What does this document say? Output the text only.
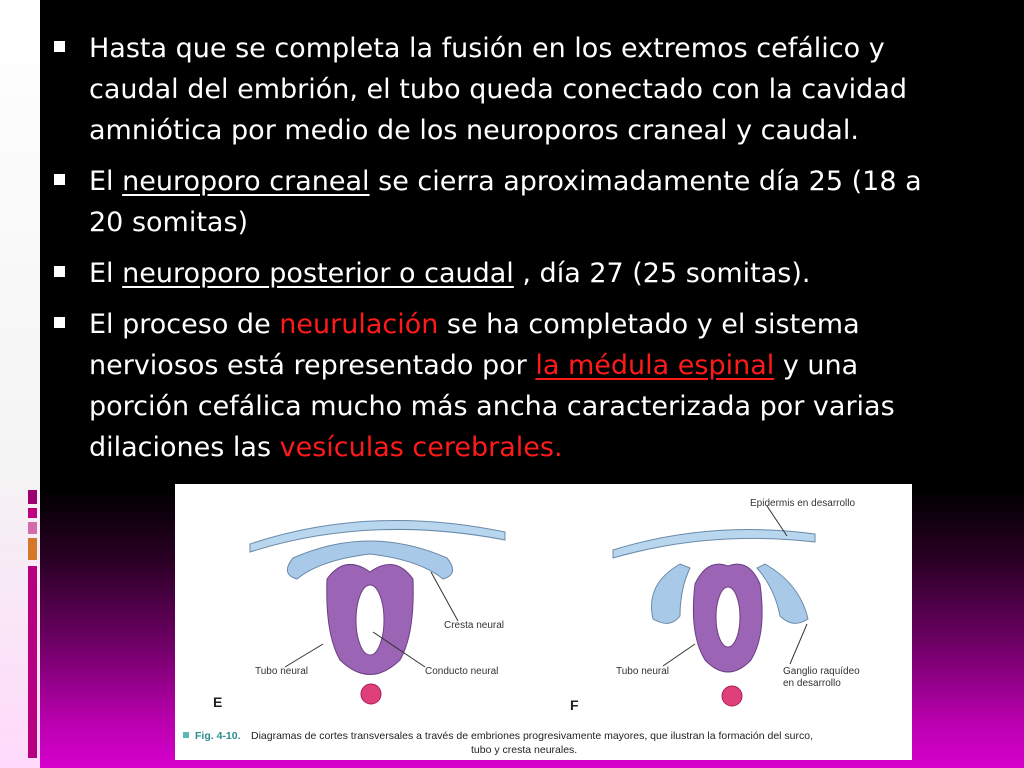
Hasta que se completa la fusión en los extremos cefálico y caudal del embrión, el tubo queda conectado con la cavidad amniótica por medio de los neuroporos craneal y caudal.
El neuroporo craneal se cierra aproximadamente día 25 (18 a 20 somitas)
El neuroporo posterior o caudal , día 27 (25 somitas).
El proceso de neurulación se ha completado y el sistema nerviosos está representado por la médula espinal y una porción cefálica mucho más ancha caracterizada por varias dilaciones las vesículas cerebrales.
Cresta neural
Tubo neural	Conducto neural
E
Epidermis en desarrollo
Tubo neural	Ganglio raquídeo
en desarrollo
F
Fig. 4-10. Diagramas de cortes transversales a través de embriones progresivamente mayores, que ilustran la formación del surco,
tubo y cresta neurales.
